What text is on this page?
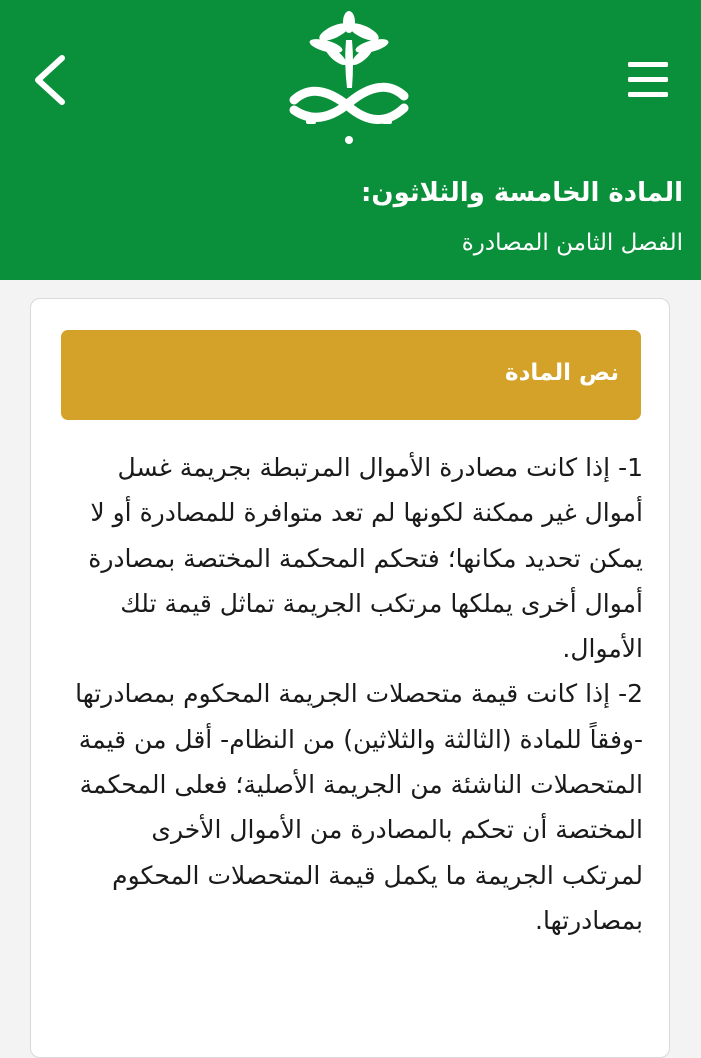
المادة الخامسة والثلاثون:
الفصل الثامن المصادرة
نص المادة

1- إذا كانت مصادرة الأموال المرتبطة بجريمة غسل أموال غير ممكنة لكونها لم تعد متوافرة للمصادرة أو لا يمكن تحديد مكانها؛ فتحكم المحكمة المختصة بمصادرة أموال أخرى يملكها مرتكب الجريمة تماثل قيمة تلك الأموال.

2- إذا كانت قيمة متحصلات الجريمة المحكوم بمصادرتها -وفقاً للمادة (الثالثة والثلاثين) من النظام- أقل من قيمة المتحصلات الناشئة من الجريمة الأصلية؛ فعلى المحكمة المختصة أن تحكم بالمصادرة من الأموال الأخرى لمرتكب الجريمة ما يكمل قيمة المتحصلات المحكوم بمصادرتها.
